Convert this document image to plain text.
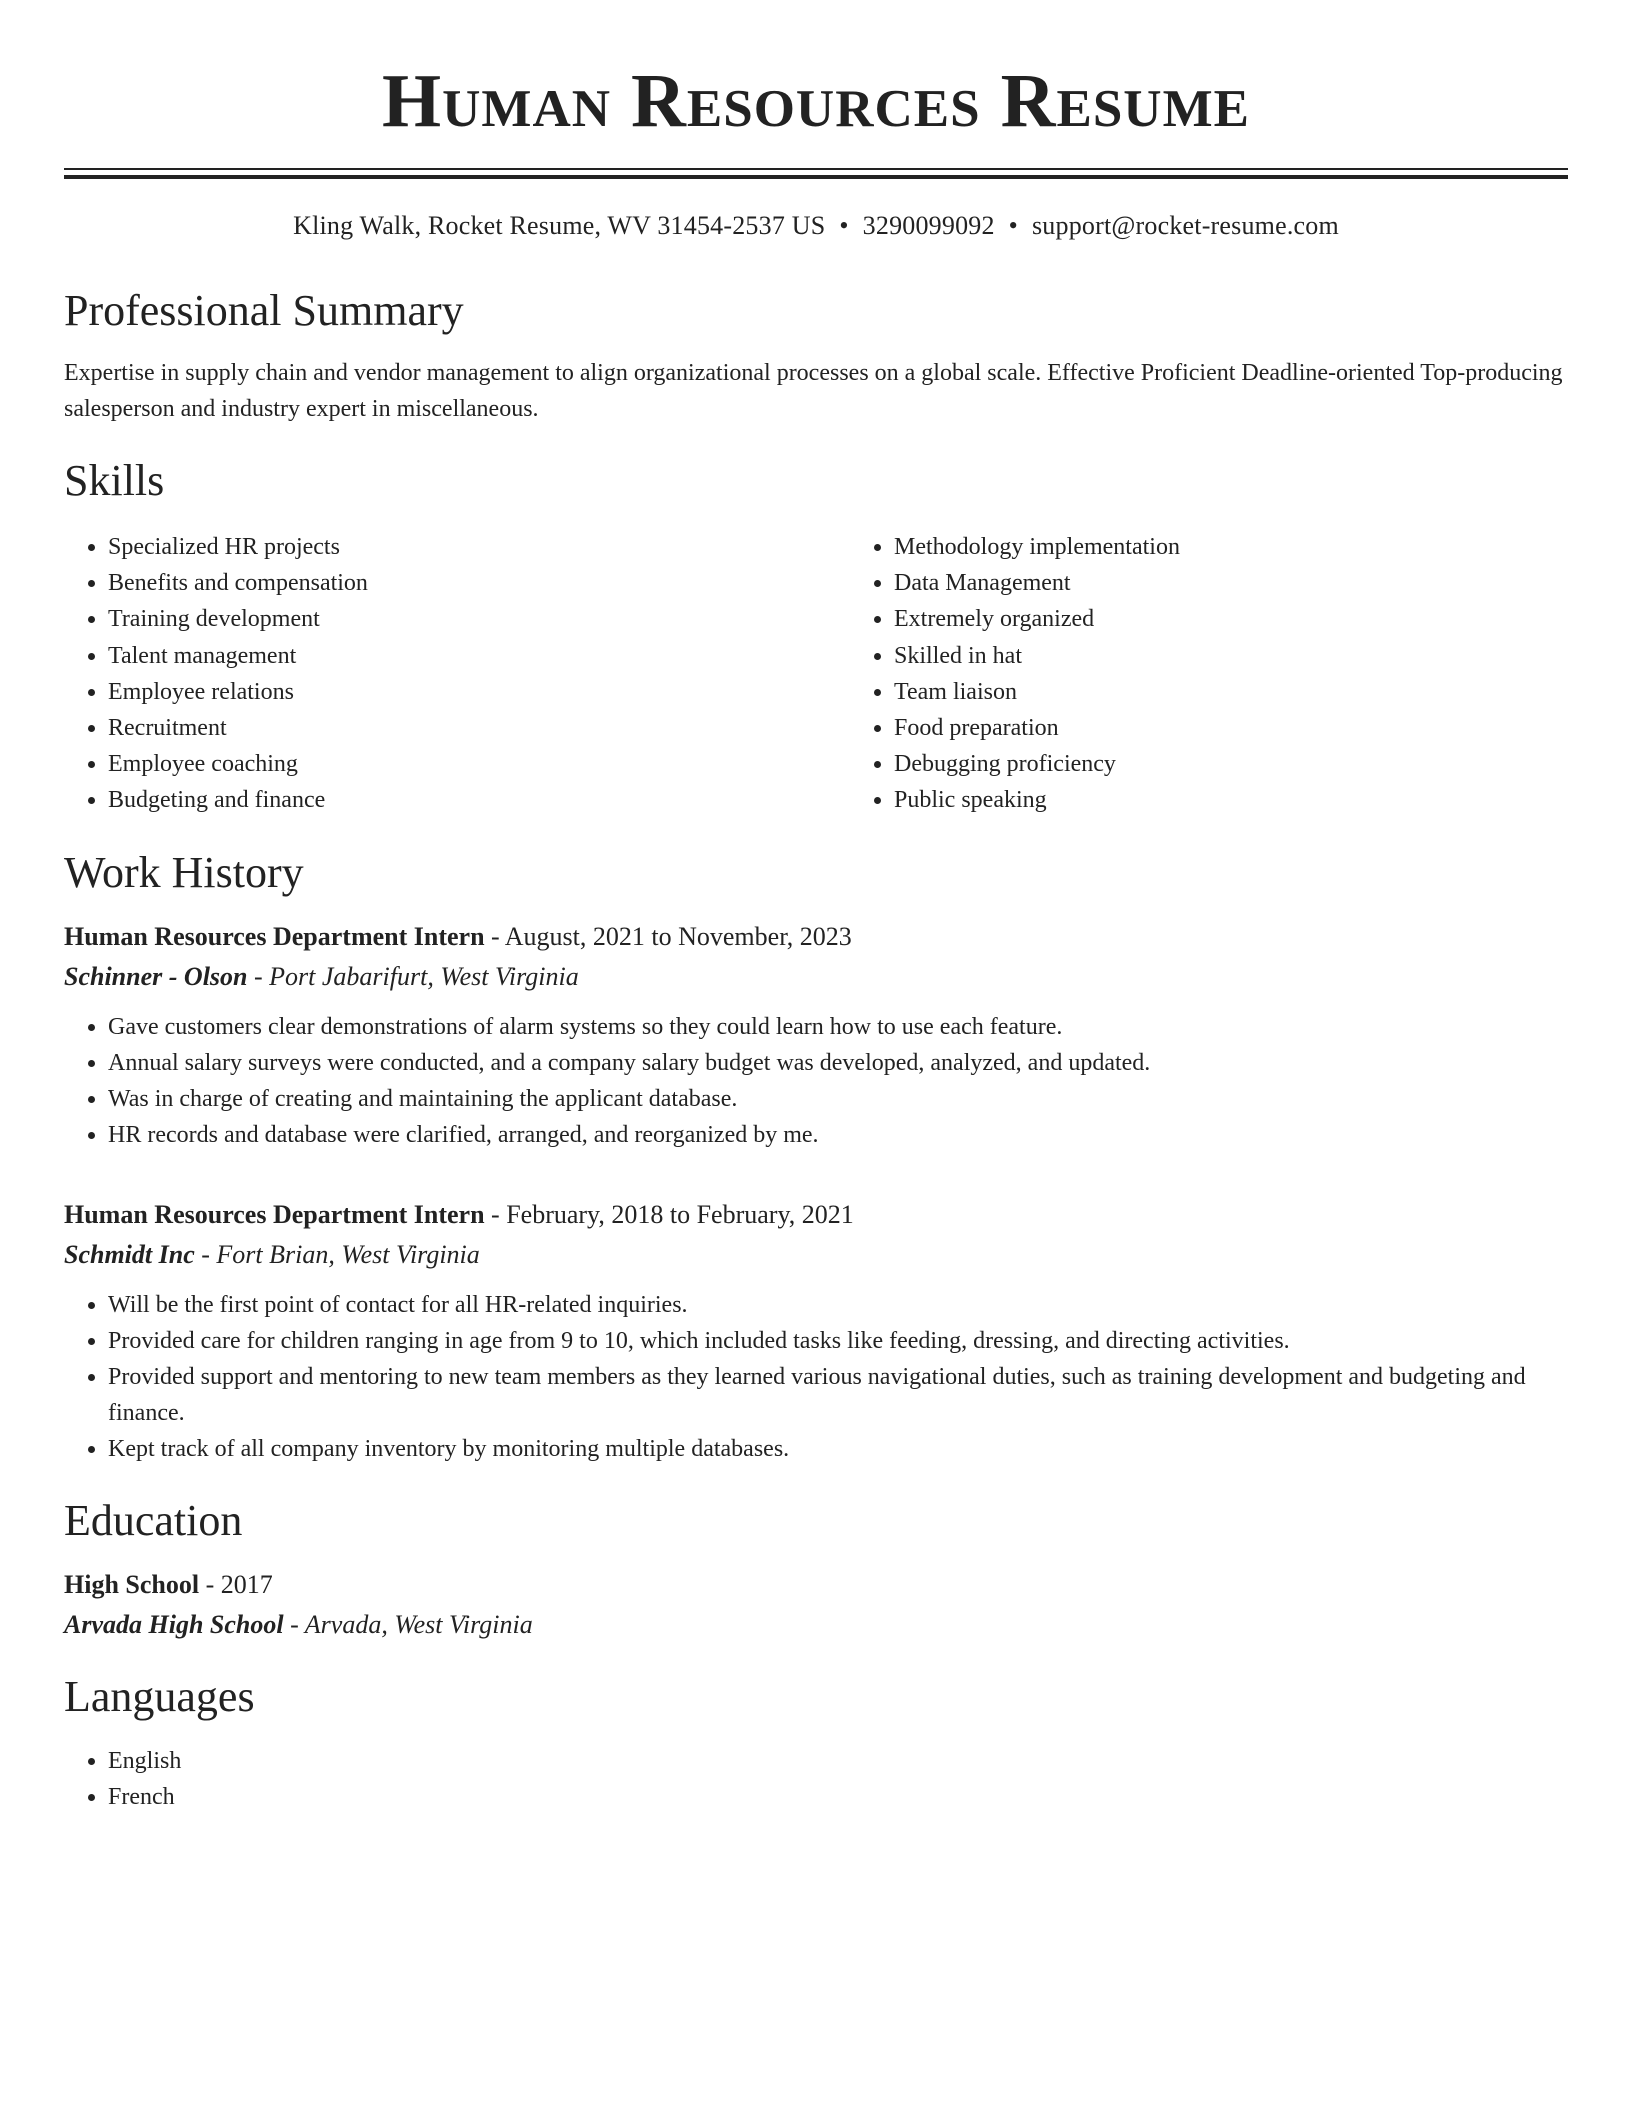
Human Resources Resume
Kling Walk, Rocket Resume, WV 31454-2537 US • 3290099092 • support@rocket-resume.com
Professional Summary
Expertise in supply chain and vendor management to align organizational processes on a global scale. Effective Proficient Deadline-oriented Top-producing salesperson and industry expert in miscellaneous.
Skills
• Specialized HR projects
• Benefits and compensation
• Training development
• Talent management
• Employee relations
• Recruitment
• Employee coaching
• Budgeting and finance
• Methodology implementation
• Data Management
• Extremely organized
• Skilled in hat
• Team liaison
• Food preparation
• Debugging proficiency
• Public speaking
Work History
Human Resources Department Intern - August, 2021 to November, 2023
Schinner - Olson - Port Jabarifurt, West Virginia
• Gave customers clear demonstrations of alarm systems so they could learn how to use each feature.
• Annual salary surveys were conducted, and a company salary budget was developed, analyzed, and updated.
• Was in charge of creating and maintaining the applicant database.
• HR records and database were clarified, arranged, and reorganized by me.
Human Resources Department Intern - February, 2018 to February, 2021
Schmidt Inc - Fort Brian, West Virginia
• Will be the first point of contact for all HR-related inquiries.
• Provided care for children ranging in age from 9 to 10, which included tasks like feeding, dressing, and directing activities.
• Provided support and mentoring to new team members as they learned various navigational duties, such as training development and budgeting and finance.
• Kept track of all company inventory by monitoring multiple databases.
Education
High School - 2017
Arvada High School - Arvada, West Virginia
Languages
• English
• French
